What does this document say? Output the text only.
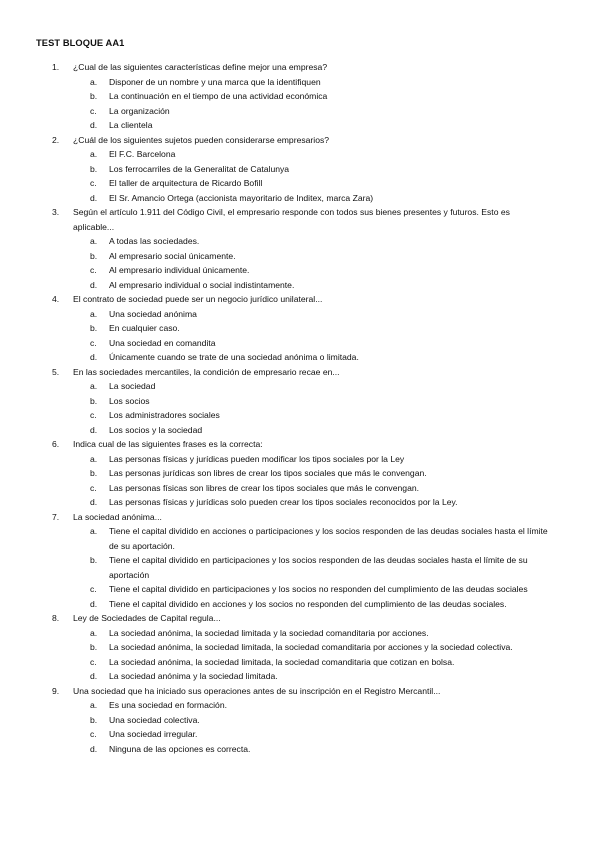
TEST BLOQUE AA1
1. ¿Cual de las siguientes características define mejor una empresa?
a. Disponer de un nombre y una marca que la identifiquen
b. La continuación en el tiempo de una actividad económica
c. La organización
d. La clientela
2. ¿Cuál de los siguientes sujetos pueden considerarse empresarios?
a. El F.C. Barcelona
b. Los ferrocarriles de la Generalitat de Catalunya
c. El taller de arquitectura de Ricardo Bofill
d. El Sr. Amancio Ortega (accionista mayoritario de Inditex, marca Zara)
3. Según el artículo 1.911 del Código Civil, el empresario responde con todos sus bienes presentes y futuros. Esto es aplicable...
a. A todas las sociedades.
b. Al empresario social únicamente.
c. Al empresario individual únicamente.
d. Al empresario individual o social indistintamente.
4. El contrato de sociedad puede ser un negocio jurídico unilateral...
a. Una sociedad anónima
b. En cualquier caso.
c. Una sociedad en comandita
d. Únicamente cuando se trate de una sociedad anónima o limitada.
5. En las sociedades mercantiles, la condición de empresario recae en...
a. La sociedad
b. Los socios
c. Los administradores sociales
d. Los socios y la sociedad
6. Indica cual de las siguientes frases es la correcta:
a. Las personas físicas y jurídicas pueden modificar los tipos sociales por la Ley
b. Las personas jurídicas son libres de crear los tipos sociales que más le convengan.
c. Las personas físicas son libres de crear los tipos sociales que más le convengan.
d. Las personas físicas y jurídicas solo pueden crear los tipos sociales reconocidos por la Ley.
7. La sociedad anónima...
a. Tiene el capital dividido en acciones o participaciones y los socios responden de las deudas sociales hasta el límite de su aportación.
b. Tiene el capital dividido en participaciones y los socios responden de las deudas sociales hasta el límite de su aportación
c. Tiene el capital dividido en participaciones y los socios no responden del cumplimiento de las deudas sociales
d. Tiene el capital dividido en acciones y los socios no responden del cumplimiento de las deudas sociales.
8. Ley de Sociedades de Capital regula...
a. La sociedad anónima, la sociedad limitada y la sociedad comanditaria por acciones.
b. La sociedad anónima, la sociedad limitada, la sociedad comanditaria por acciones y la sociedad colectiva.
c. La sociedad anónima, la sociedad limitada, la sociedad comanditaria que cotizan en bolsa.
d. La sociedad anónima y la sociedad limitada.
9. Una sociedad que ha iniciado sus operaciones antes de su inscripción en el Registro Mercantil...
a. Es una sociedad en formación.
b. Una sociedad colectiva.
c. Una sociedad irregular.
d. Ninguna de las opciones es correcta.
